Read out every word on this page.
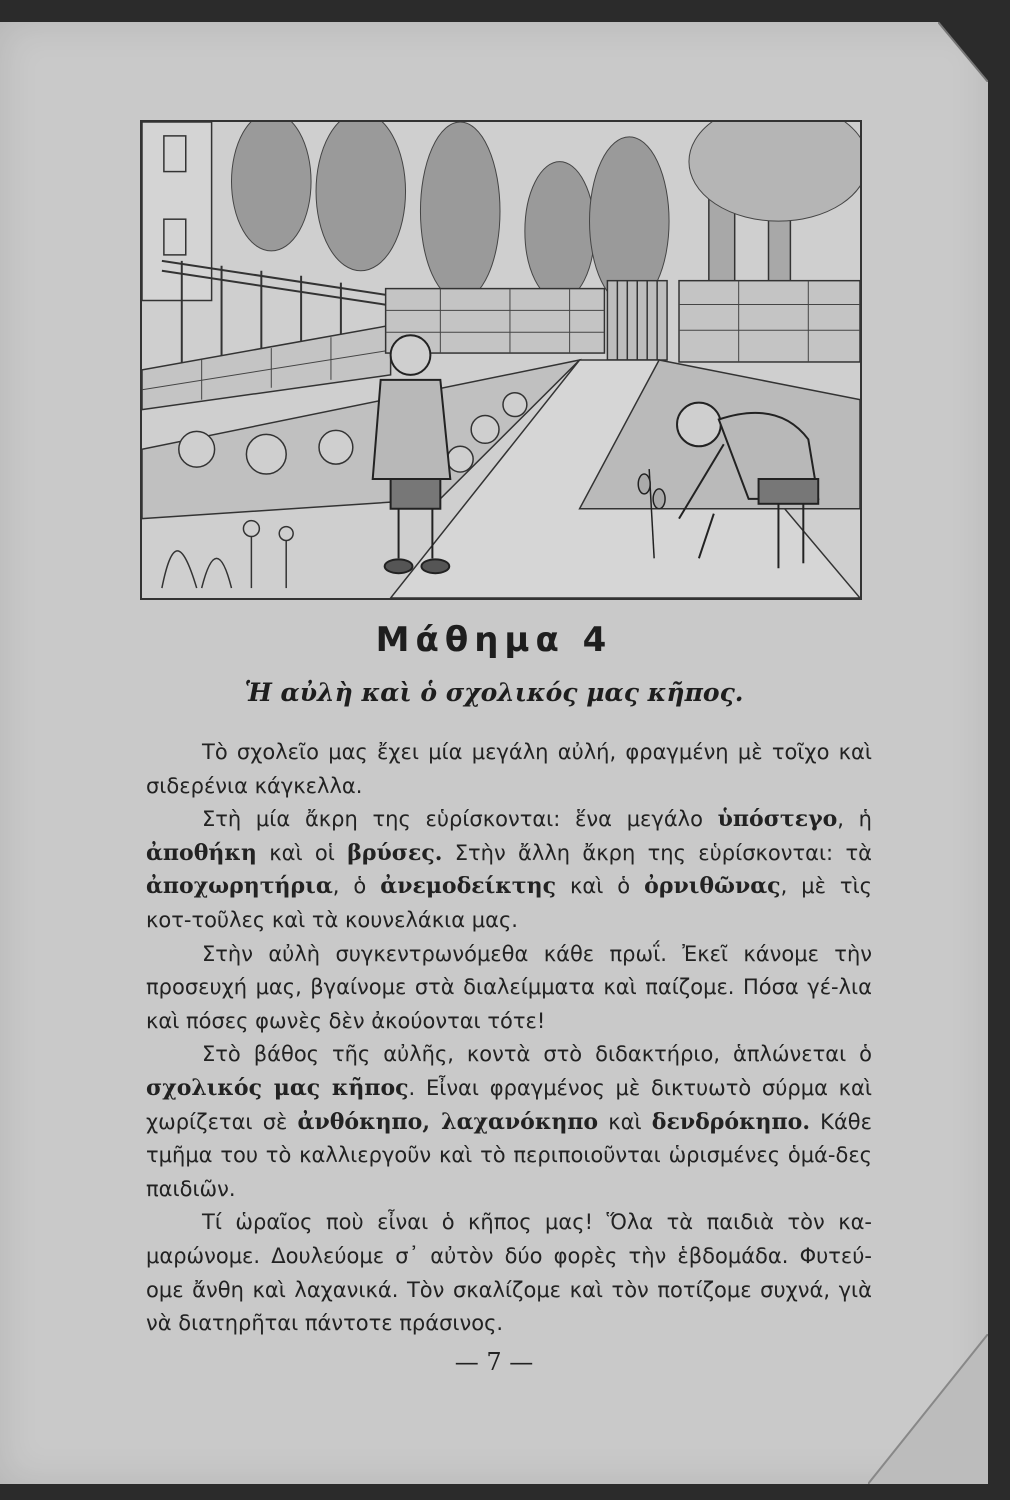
Μάθημα 4
Ἡ αὐλὴ καὶ ὁ σχολικός μας κῆπος.

Τὸ σχολεῖο μας ἔχει μία μεγάλη αὐλή, φραγμένη μὲ τοῖχο καὶ σιδερένια κάγκελλα.

Στὴ μία ἄκρη της εὑρίσκονται: ἕνα μεγάλο ὑπόστεγο, ἡ ἀποθήκη καὶ οἱ βρύσες. Στὴν ἄλλη ἄκρη της εὑρίσκονται: τὰ ἀποχωρητήρια, ὁ ἀνεμοδείκτης καὶ ὁ ὀρνιθῶνας, μὲ τὶς κοτ-τοῦλες καὶ τὰ κουνελάκια μας.

Στὴν αὐλὴ συγκεντρωνόμεθα κάθε πρωΐ. Ἐκεῖ κάνομε τὴν προσευχή μας, βγαίνομε στὰ διαλείμματα καὶ παίζομε. Πόσα γέ-λια καὶ πόσες φωνὲς δὲν ἀκούονται τότε!

Στὸ βάθος τῆς αὐλῆς, κοντὰ στὸ διδακτήριο, ἁπλώνεται ὁ σχολικός μας κῆπος. Εἶναι φραγμένος μὲ δικτυωτὸ σύρμα καὶ χωρίζεται σὲ ἀνθόκηπο, λαχανόκηπο καὶ δενδρόκηπο. Κάθε τμῆμα του τὸ καλλιεργοῦν καὶ τὸ περιποιοῦνται ὡρισμένες ὁμά-δες παιδιῶν.

Τί ὡραῖος ποὺ εἶναι ὁ κῆπος μας! Ὅλα τὰ παιδιὰ τὸν κα-μαρώνομε. Δουλεύομε σ᾿ αὐτὸν δύο φορὲς τὴν ἑβδομάδα. Φυτεύ-ομε ἄνθη καὶ λαχανικά. Τὸν σκαλίζομε καὶ τὸν ποτίζομε συχνά, γιὰ νὰ διατηρῆται πάντοτε πράσινος.

— 7 —
